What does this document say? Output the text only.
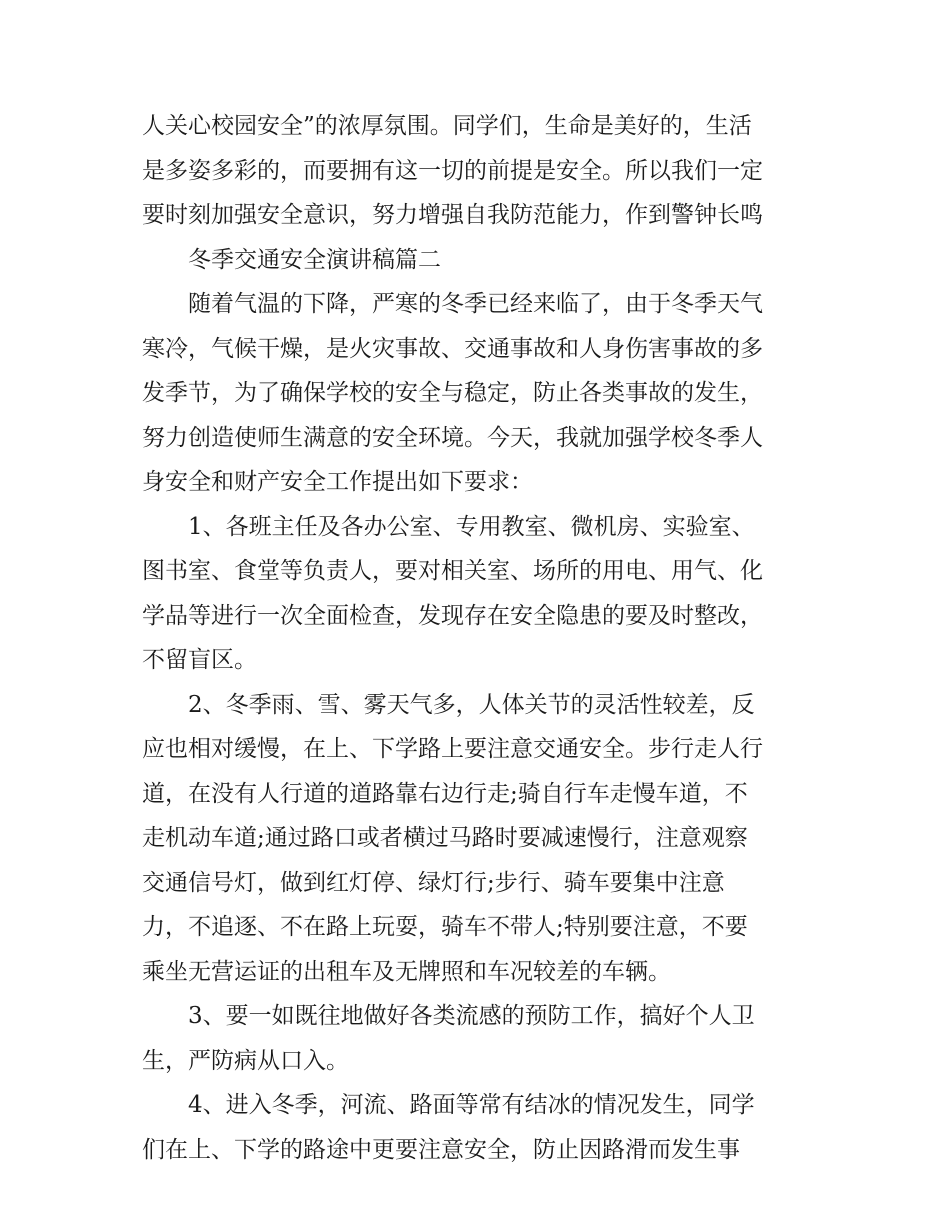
人关心校园安全”的浓厚氛围。同学们，生命是美好的，生活
是多姿多彩的，而要拥有这一切的前提是安全。所以我们一定
要时刻加强安全意识，努力增强自我防范能力，作到警钟长鸣
冬季交通安全演讲稿篇二
随着气温的下降，严寒的冬季已经来临了，由于冬季天气
寒冷，气候干燥，是火灾事故、交通事故和人身伤害事故的多
发季节，为了确保学校的安全与稳定，防止各类事故的发生，
努力创造使师生满意的安全环境。今天，我就加强学校冬季人
身安全和财产安全工作提出如下要求：
1、各班主任及各办公室、专用教室、微机房、实验室、
图书室、食堂等负责人，要对相关室、场所的用电、用气、化
学品等进行一次全面检查，发现存在安全隐患的要及时整改，
不留盲区。
2、冬季雨、雪、雾天气多，人体关节的灵活性较差，反
应也相对缓慢，在上、下学路上要注意交通安全。步行走人行
道，在没有人行道的道路靠右边行走;骑自行车走慢车道，不
走机动车道;通过路口或者横过马路时要减速慢行，注意观察
交通信号灯，做到红灯停、绿灯行;步行、骑车要集中注意
力，不追逐、不在路上玩耍，骑车不带人;特别要注意，不要
乘坐无营运证的出租车及无牌照和车况较差的车辆。
3、要一如既往地做好各类流感的预防工作，搞好个人卫
生，严防病从口入。
4、进入冬季，河流、路面等常有结冰的情况发生，同学
们在上、下学的路途中更要注意安全，防止因路滑而发生事
